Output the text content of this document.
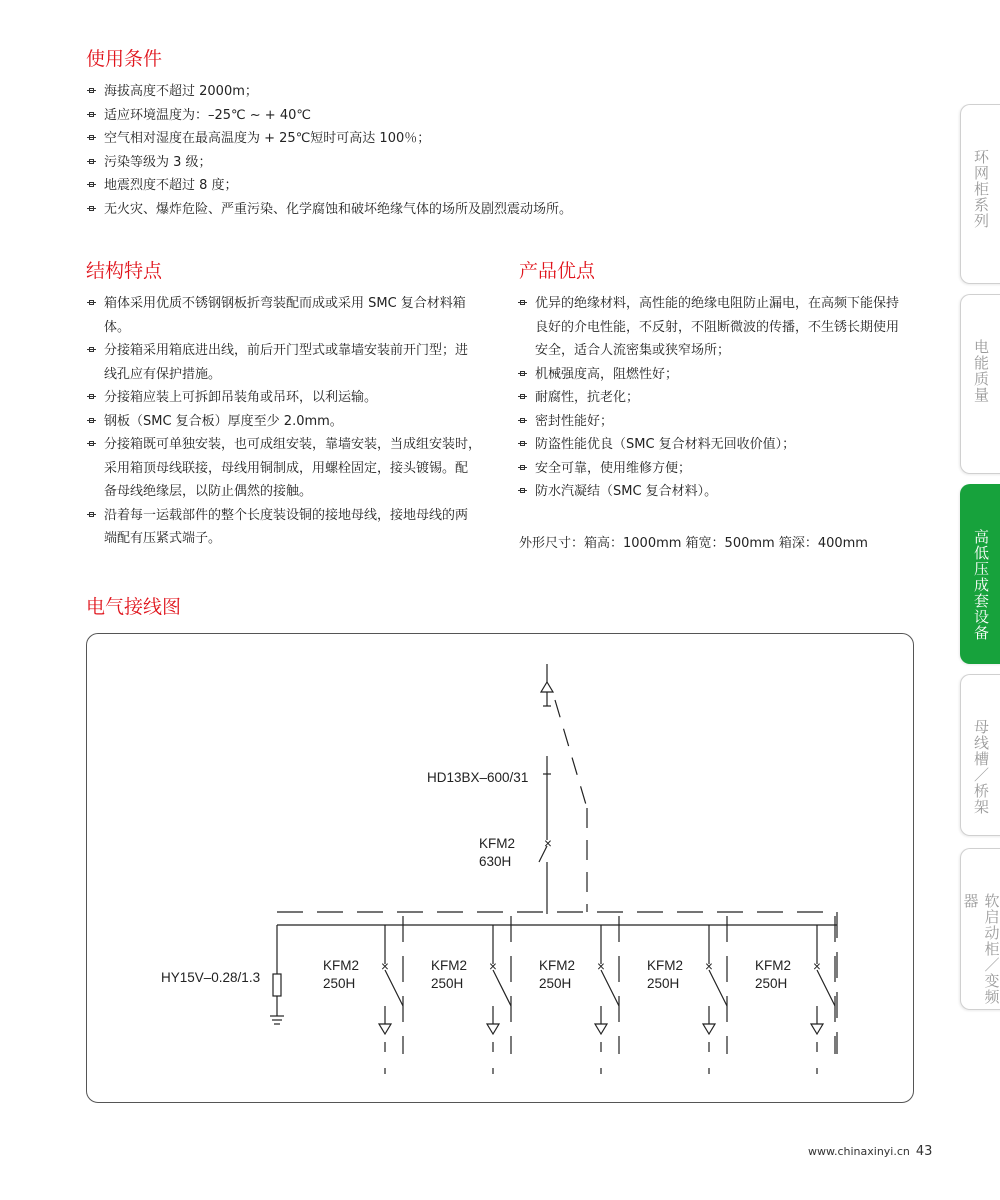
使用条件
海拔高度不超过 2000m；
适应环境温度为：–25℃ ~ + 40℃
空气相对湿度在最高温度为 + 25℃短时可高达 100％；
污染等级为 3 级；
地震烈度不超过 8 度；
无火灾、爆炸危险、严重污染、化学腐蚀和破坏绝缘气体的场所及剧烈震动场所。
结构特点
箱体采用优质不锈钢钢板折弯装配而成或采用 SMC 复合材料箱
体。
分接箱采用箱底进出线，前后开门型式或靠墙安装前开门型；进
线孔应有保护措施。
分接箱应装上可拆卸吊装角或吊环，以利运输。
钢板（SMC 复合板）厚度至少 2.0mm。
分接箱既可单独安装，也可成组安装，靠墙安装，当成组安装时，
采用箱顶母线联接，母线用铜制成，用螺栓固定，接头镀锡。配
备母线绝缘层，以防止偶然的接触。
沿着每一运载部件的整个长度装设铜的接地母线，接地母线的两
端配有压紧式端子。
产品优点
优异的绝缘材料，高性能的绝缘电阻防止漏电，在高频下能保持
良好的介电性能，不反射，不阻断微波的传播，不生锈长期使用
安全，适合人流密集或狭窄场所；
机械强度高，阻燃性好；
耐腐性，抗老化；
密封性能好；
防盗性能优良（SMC 复合材料无回收价值）；
安全可靠，使用维修方便；
防水汽凝结（SMC 复合材料）。
外形尺寸：箱高：1000mm 箱宽：500mm 箱深：400mm
电气接线图
HD13BX–600/31
×
KFM2
630H
HY15V–0.28/1.3
×
KFM2
250H
×
KFM2
250H
×
KFM2
250H
×
KFM2
250H
×
KFM2
250H
环网柜系列
电能质量
高低压成套设备
母线槽／桥架
软启动柜／变频器
www.chinaxinyi.cn 43
